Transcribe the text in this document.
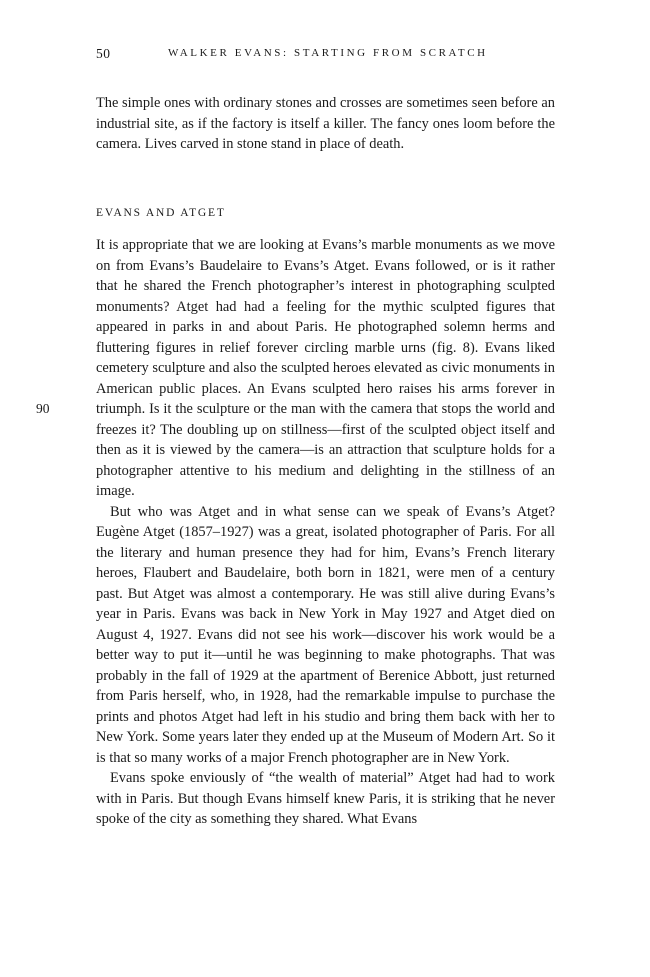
50	WALKER EVANS: STARTING FROM SCRATCH

The simple ones with ordinary stones and crosses are sometimes seen before an industrial site, as if the factory is itself a killer. The fancy ones loom before the camera. Lives carved in stone stand in place of death.

EVANS AND ATGET
90

It is appropriate that we are looking at Evans’s marble monuments as we move on from Evans’s Baudelaire to Evans’s Atget. Evans followed, or is it rather that he shared the French photographer’s interest in photographing sculpted monuments? Atget had had a feeling for the mythic sculpted figures that appeared in parks in and about Paris. He photographed solemn herms and fluttering figures in relief forever circling marble urns (fig. 8). Evans liked cemetery sculpture and also the sculpted heroes elevated as civic monuments in American public places. An Evans sculpted hero raises his arms forever in triumph. Is it the sculpture or the man with the camera that stops the world and freezes it? The doubling up on stillness—first of the sculpted object itself and then as it is viewed by the camera—is an attraction that sculpture holds for a photographer attentive to his medium and delighting in the stillness of an image.

But who was Atget and in what sense can we speak of Evans’s Atget? Eugène Atget (1857–1927) was a great, isolated photographer of Paris. For all the literary and human presence they had for him, Evans’s French literary heroes, Flaubert and Baudelaire, both born in 1821, were men of a century past. But Atget was almost a contemporary. He was still alive during Evans’s year in Paris. Evans was back in New York in May 1927 and Atget died on August 4, 1927. Evans did not see his work—discover his work would be a better way to put it—until he was beginning to make photographs. That was probably in the fall of 1929 at the apartment of Berenice Abbott, just returned from Paris herself, who, in 1928, had the remarkable impulse to purchase the prints and photos Atget had left in his studio and bring them back with her to New York. Some years later they ended up at the Museum of Modern Art. So it is that so many works of a major French photographer are in New York.

Evans spoke enviously of “the wealth of material” Atget had had to work with in Paris. But though Evans himself knew Paris, it is striking that he never spoke of the city as something they shared. What Evans
